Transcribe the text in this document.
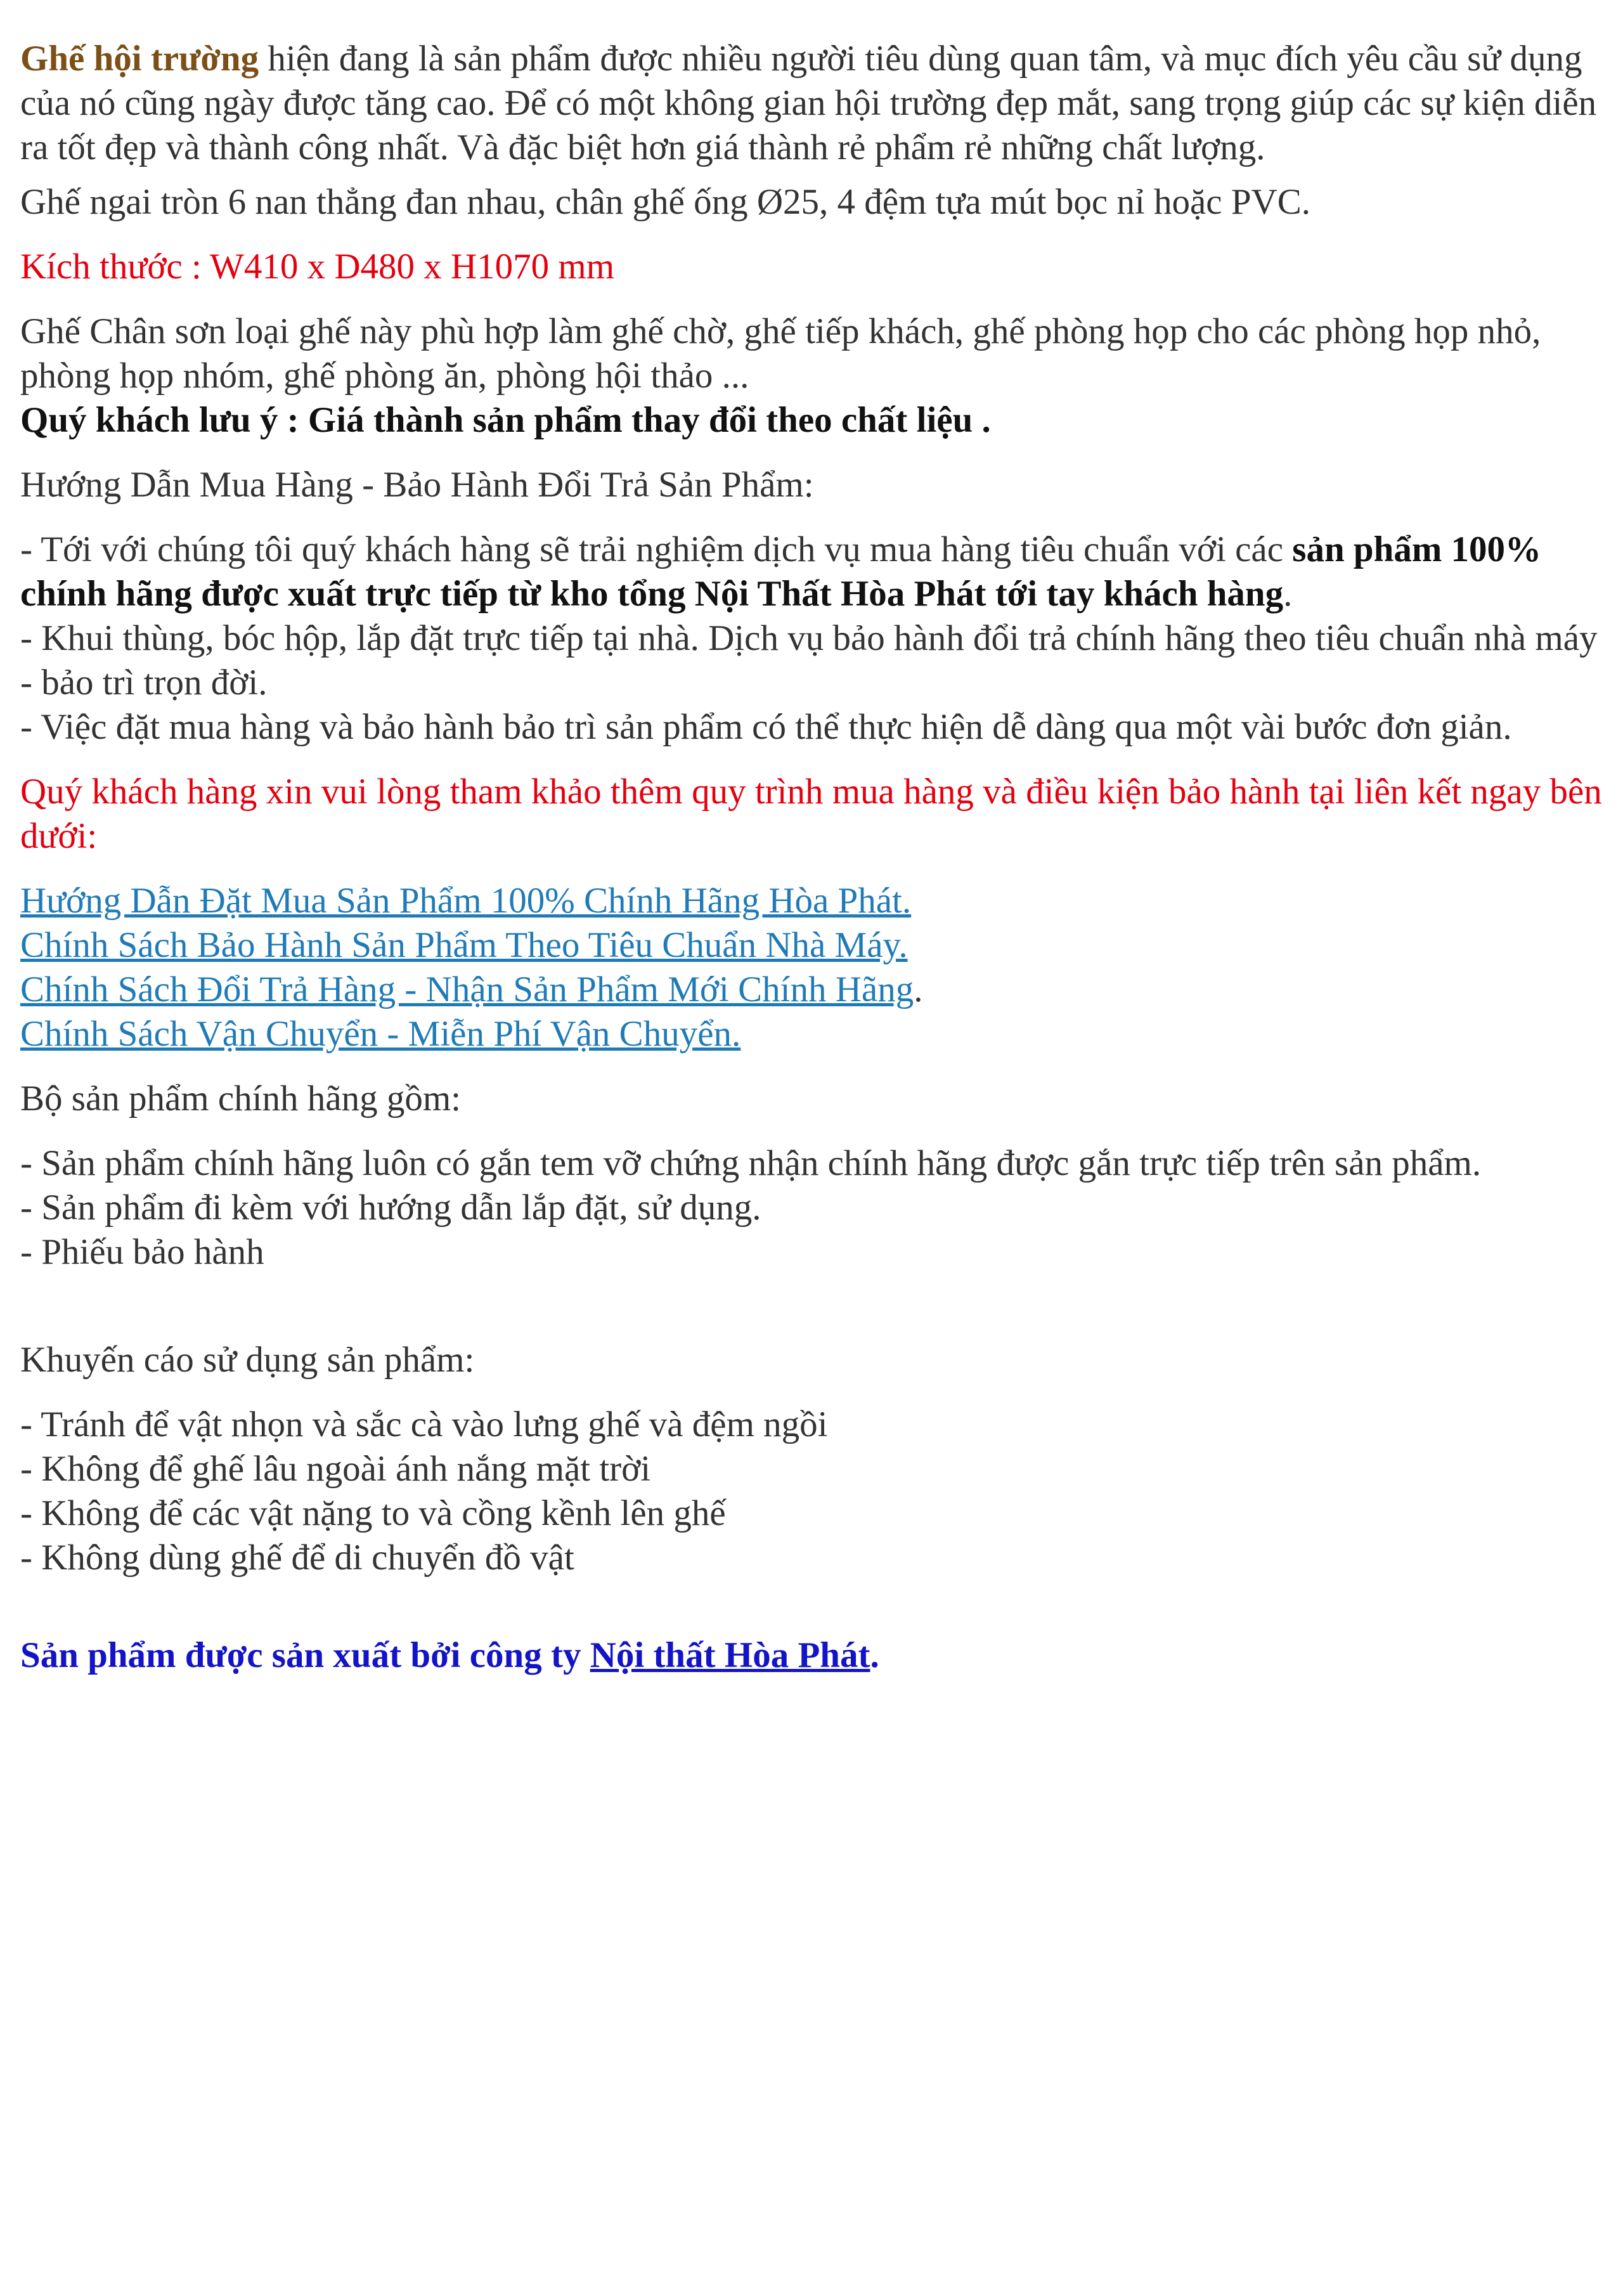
Ghế hội trường hiện đang là sản phẩm được nhiều người tiêu dùng quan tâm, và mục đích yêu cầu sử dụng của nó cũng ngày được tăng cao. Để có một không gian hội trường đẹp mắt, sang trọng giúp các sự kiện diễn ra tốt đẹp và thành công nhất. Và đặc biệt hơn giá thành rẻ phẩm rẻ những chất lượng.

Ghế ngai tròn 6 nan thẳng đan nhau, chân ghế ống Ø25, 4 đệm tựa mút bọc nỉ hoặc PVC.

Kích thước : W410 x D480 x H1070 mm

Ghế Chân sơn loại ghế này phù hợp làm ghế chờ, ghế tiếp khách, ghế phòng họp cho các phòng họp nhỏ, phòng họp nhóm, ghế phòng ăn, phòng hội thảo ...

Quý khách lưu ý : Giá thành sản phẩm thay đổi theo chất liệu .

Hướng Dẫn Mua Hàng - Bảo Hành Đổi Trả Sản Phẩm:

- Tới với chúng tôi quý khách hàng sẽ trải nghiệm dịch vụ mua hàng tiêu chuẩn với các sản phẩm 100% chính hãng được xuất trực tiếp từ kho tổng Nội Thất Hòa Phát tới tay khách hàng.

- Khui thùng, bóc hộp, lắp đặt trực tiếp tại nhà. Dịch vụ bảo hành đổi trả chính hãng theo tiêu chuẩn nhà máy - bảo trì trọn đời.

- Việc đặt mua hàng và bảo hành bảo trì sản phẩm có thể thực hiện dễ dàng qua một vài bước đơn giản.

Quý khách hàng xin vui lòng tham khảo thêm quy trình mua hàng và điều kiện bảo hành tại liên kết ngay bên dưới:

Hướng Dẫn Đặt Mua Sản Phẩm 100% Chính Hãng Hòa Phát.
Chính Sách Bảo Hành Sản Phẩm Theo Tiêu Chuẩn Nhà Máy.
Chính Sách Đổi Trả Hàng - Nhận Sản Phẩm Mới Chính Hãng.
Chính Sách Vận Chuyển - Miễn Phí Vận Chuyển.

Bộ sản phẩm chính hãng gồm:

- Sản phẩm chính hãng luôn có gắn tem vỡ chứng nhận chính hãng được gắn trực tiếp trên sản phẩm.

- Sản phẩm đi kèm với hướng dẫn lắp đặt, sử dụng.

- Phiếu bảo hành

Khuyến cáo sử dụng sản phẩm:

- Tránh để vật nhọn và sắc cà vào lưng ghế và đệm ngồi

- Không để ghế lâu ngoài ánh nắng mặt trời

- Không để các vật nặng to và cồng kềnh lên ghế

- Không dùng ghế để di chuyển đồ vật

Sản phẩm được sản xuất bởi công ty Nội thất Hòa Phát.
